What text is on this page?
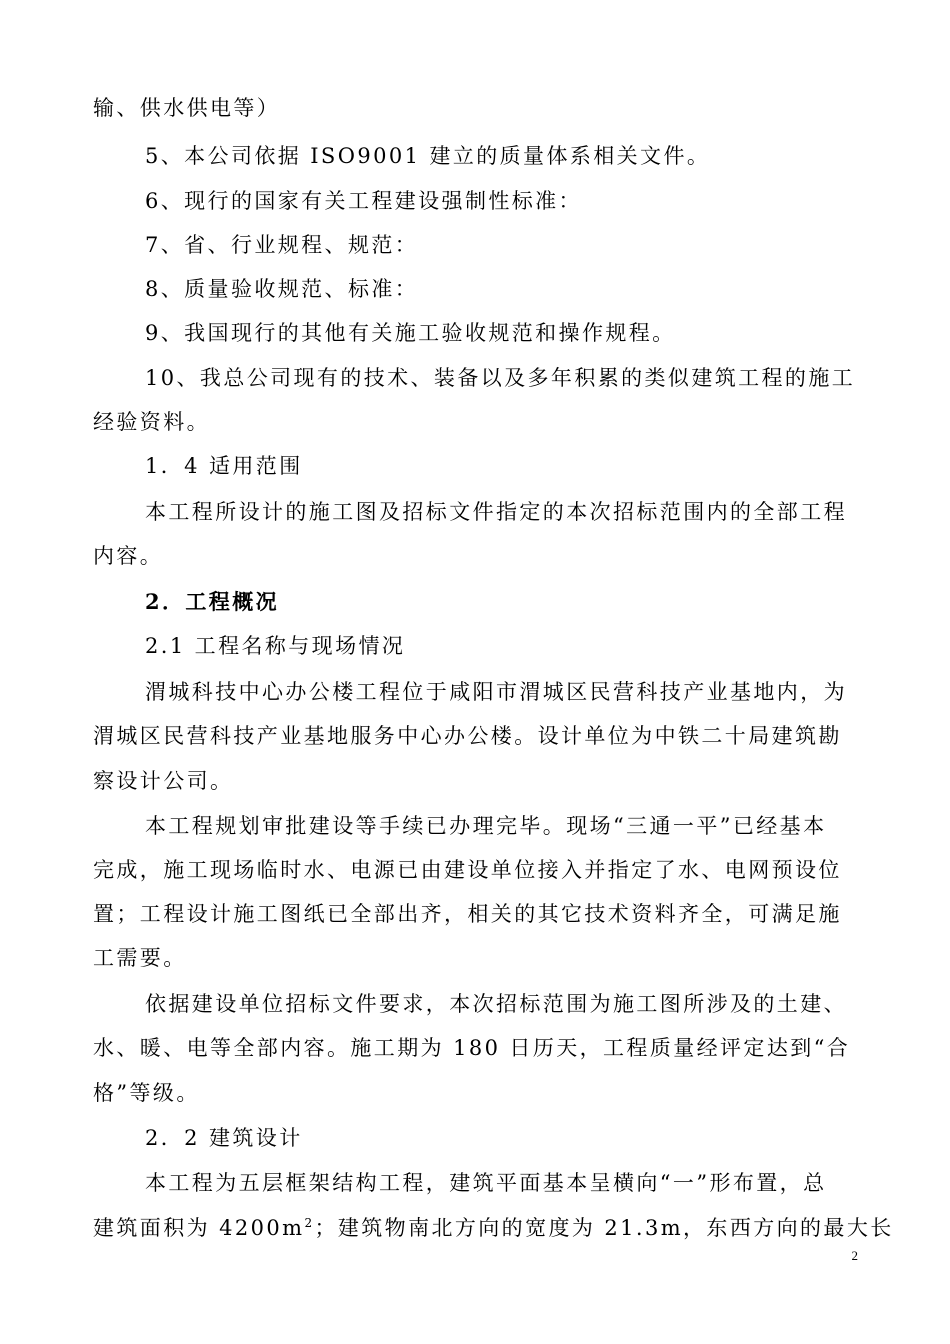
输、供水供电等）
5、本公司依据 ISO9001 建立的质量体系相关文件。
6、现行的国家有关工程建设强制性标准：
7、省、行业规程、规范：
8、质量验收规范、标准：
9、我国现行的其他有关施工验收规范和操作规程。
10、我总公司现有的技术、装备以及多年积累的类似建筑工程的施工
经验资料。
1．4 适用范围
本工程所设计的施工图及招标文件指定的本次招标范围内的全部工程
内容。
2．工程概况
2.1 工程名称与现场情况
渭城科技中心办公楼工程位于咸阳市渭城区民营科技产业基地内，为
渭城区民营科技产业基地服务中心办公楼。设计单位为中铁二十局建筑勘
察设计公司。
本工程规划审批建设等手续已办理完毕。现场“三通一平”已经基本
完成，施工现场临时水、电源已由建设单位接入并指定了水、电网预设位
置；工程设计施工图纸已全部出齐，相关的其它技术资料齐全，可满足施
工需要。
依据建设单位招标文件要求，本次招标范围为施工图所涉及的土建、
水、暖、电等全部内容。施工期为 180 日历天，工程质量经评定达到“合
格”等级。
2．2 建筑设计
本工程为五层框架结构工程，建筑平面基本呈横向“一”形布置，总
建筑面积为 $4200m^2$；建筑物南北方向的宽度为 21.3m，东西方向的最大长
2
